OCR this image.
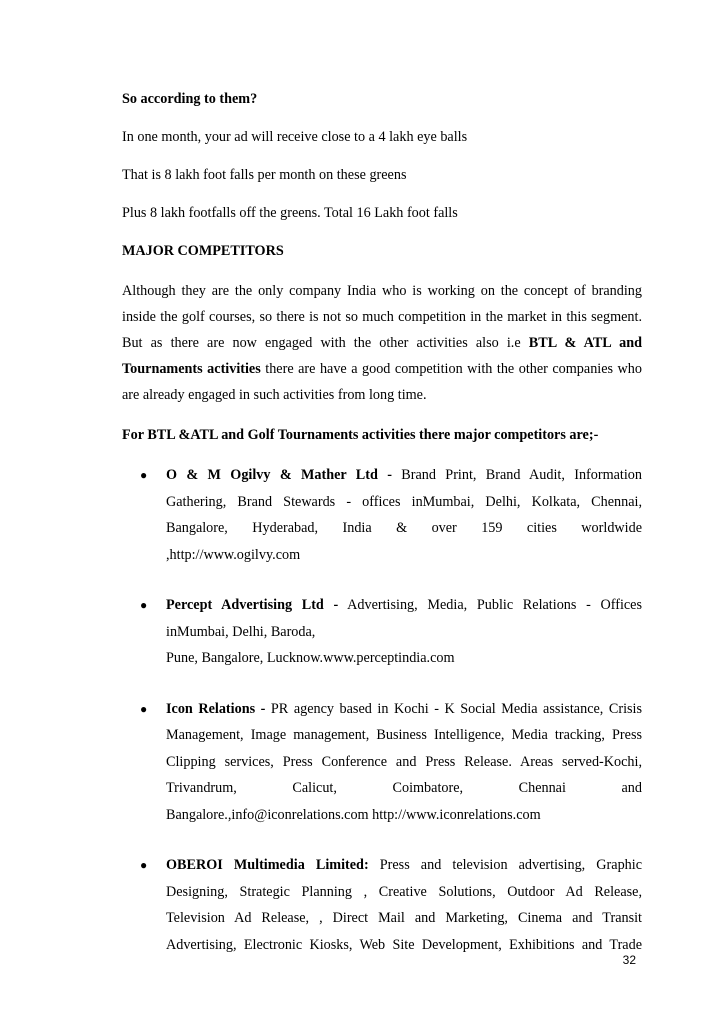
So according to them?

In one month, your ad will receive close to a 4 lakh eye balls

That is 8 lakh foot falls per month on these greens

Plus 8 lakh footfalls off the greens. Total 16 Lakh foot falls

MAJOR COMPETITORS

Although they are the only company India who is working on the concept of branding inside the golf courses, so there is not so much competition in the market in this segment. But as there are now engaged with the other activities also i.e BTL & ATL and Tournaments activities there are have a good competition with the other companies who are already engaged in such activities from long time.

For BTL &ATL and Golf Tournaments activities there major competitors are;-

● O & M Ogilvy & Mather Ltd - Brand Print, Brand Audit, Information
Gathering, Brand Stewards - offices inMumbai, Delhi, Kolkata, Chennai,
Bangalore, Hyderabad, India & over 159 cities worldwide
,http://www.ogilvy.com
● Percept Advertising Ltd - Advertising, Media, Public Relations - Offices
inMumbai, Delhi, Baroda,
Pune, Bangalore, Lucknow.www.perceptindia.com
● Icon Relations - PR agency based in Kochi - K Social Media assistance, Crisis
Management, Image management, Business Intelligence, Media tracking, Press
Clipping services, Press Conference and Press Release. Areas served-Kochi,
Trivandrum, Calicut, Coimbatore, Chennai and
Bangalore.,info@iconrelations.com http://www.iconrelations.com
● OBEROI Multimedia Limited: Press and television advertising, Graphic
Designing, Strategic Planning , Creative Solutions, Outdoor Ad Release,
Television Ad Release, , Direct Mail and Marketing, Cinema and Transit
Advertising, Electronic Kiosks, Web Site Development, Exhibitions and Trade
32
